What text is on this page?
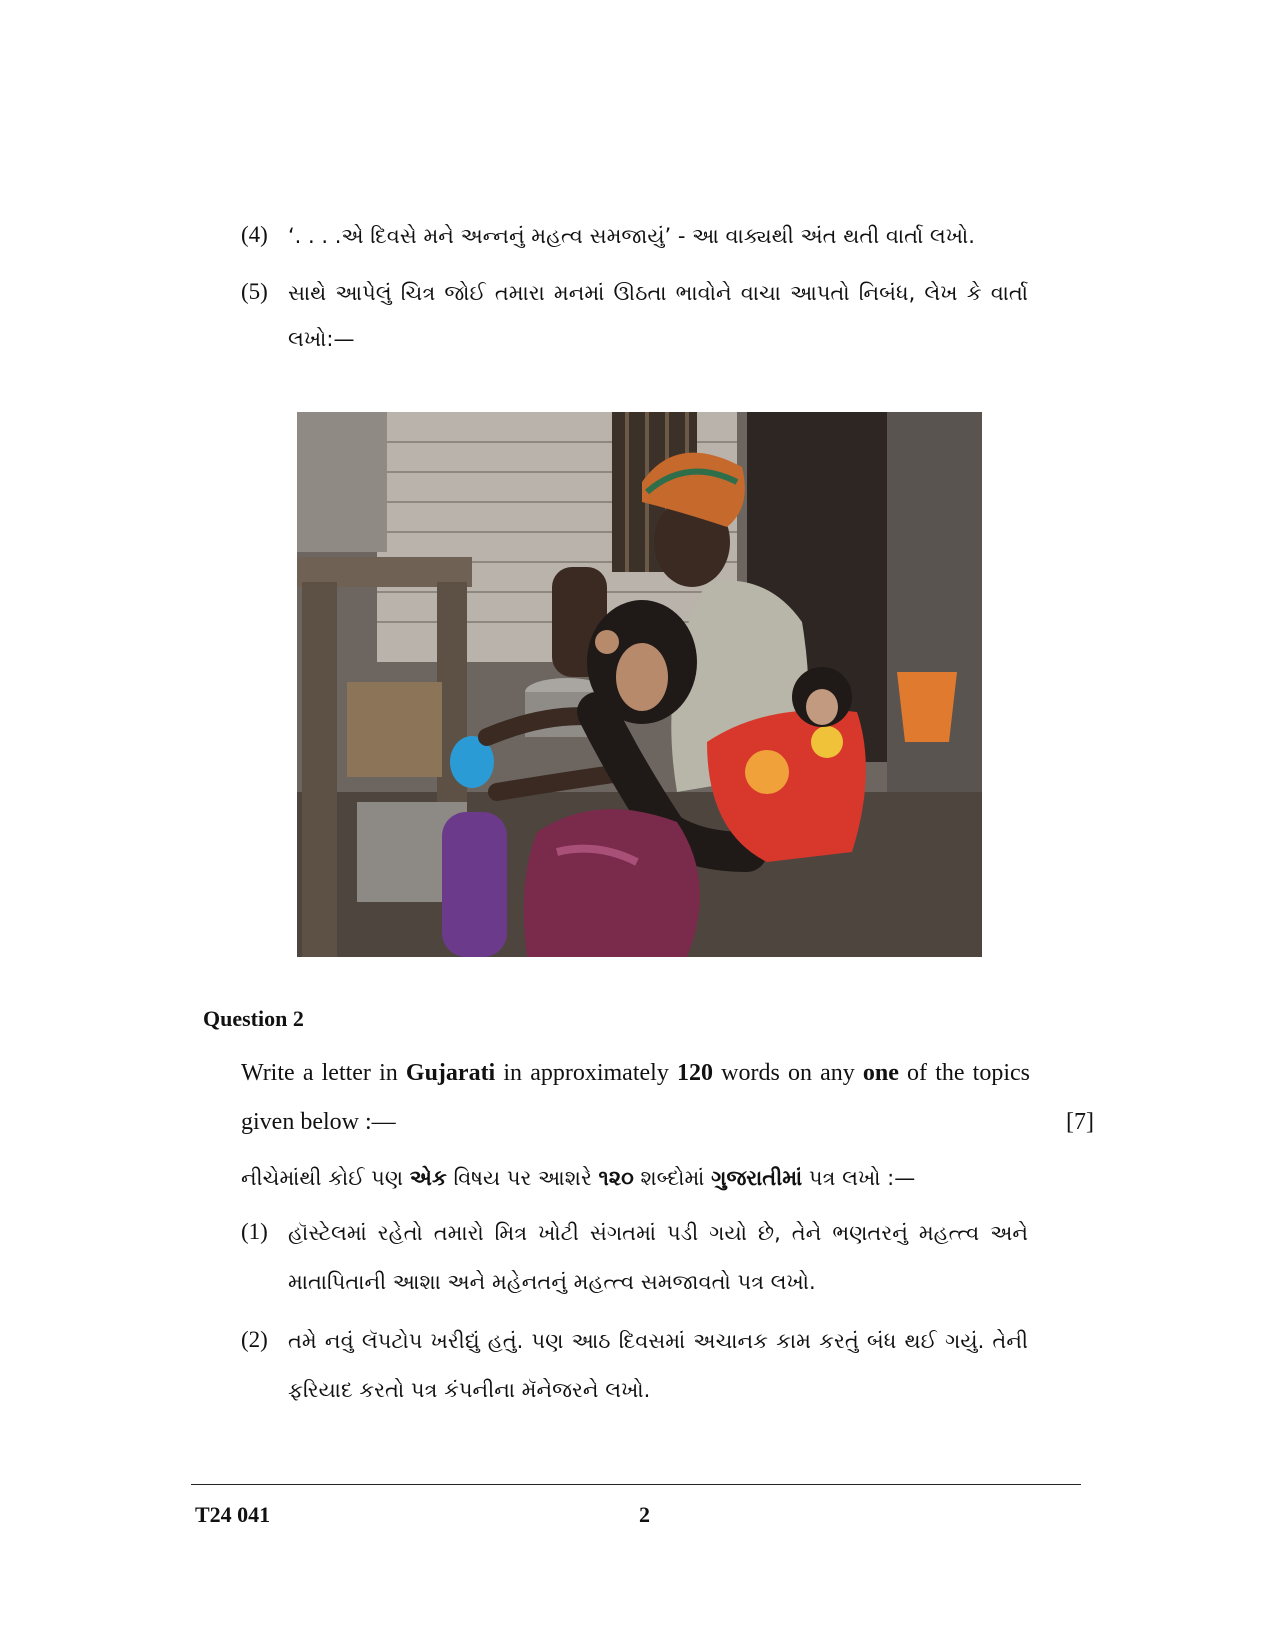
(4) ‘. . . .એ દિવસે મને અન્નનું મહત્વ સમજાયું’ - આ વાક્યથી અંત થતી વાર્તા લખો.
(5) સાથે આપેલું ચિત્ર જોઈ તમારા મનમાં ઊઠતા ભાવોને વાચા આપતો નિબંધ, લેખ કે વાર્તા
લખો:—
Question 2
Write a letter in Gujarati in approximately 120 words on any one of the topics
given below :—	[7]
નીચેમાંથી કોઈ પણ એક વિષય પર આશરે ૧૨૦ શબ્દોમાં ગુજરાતીમાં પત્ર લખો :—
(1) હૉસ્ટેલમાં રહેતો તમારો મિત્ર ખોટી સંગતમાં પડી ગયો છે, તેને ભણતરનું મહત્ત્વ અને
માતાપિતાની આશા અને મહેનતનું મહત્ત્વ સમજાવતો પત્ર લખો.
(2) તમે નવું લૅપટોપ ખરીદ્યું હતું. પણ આઠ દિવસમાં અચાનક કામ કરતું બંધ થઈ ગયું. તેની
ફરિયાદ કરતો પત્ર કંપનીના મૅનેજરને લખો.
T24 041	2
